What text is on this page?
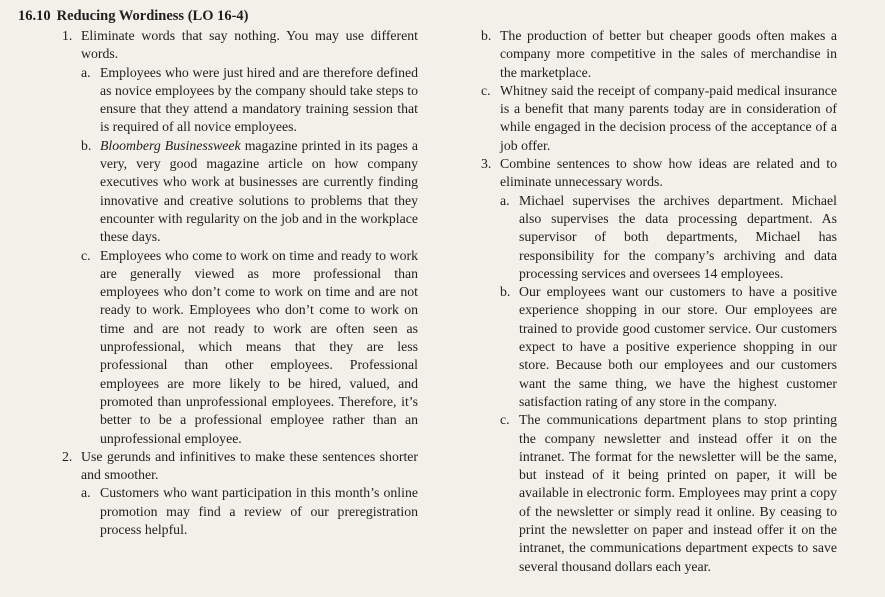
16.10 Reducing Wordiness (LO 16-4)
1. Eliminate words that say nothing. You may use different words.
a. Employees who were just hired and are therefore defined as novice employees by the company should take steps to ensure that they attend a mandatory training session that is required of all novice employees.
b. Bloomberg Businessweek magazine printed in its pages a very, very good magazine article on how company executives who work at businesses are currently finding innovative and creative solutions to problems that they encounter with regularity on the job and in the workplace these days.
c. Employees who come to work on time and ready to work are generally viewed as more professional than employees who don’t come to work on time and are not ready to work. Employees who don’t come to work on time and are not ready to work are often seen as unprofessional, which means that they are less professional than other employees. Professional employees are more likely to be hired, valued, and promoted than unprofessional employees. Therefore, it’s better to be a professional employee rather than an unprofessional employee.
2. Use gerunds and infinitives to make these sentences shorter and smoother.
a. Customers who want participation in this month’s online promotion may find a review of our preregistration process helpful.
b. The production of better but cheaper goods often makes a company more competitive in the sales of merchandise in the marketplace.
c. Whitney said the receipt of company-paid medical insurance is a benefit that many parents today are in consideration of while engaged in the decision process of the acceptance of a job offer.
3. Combine sentences to show how ideas are related and to eliminate unnecessary words.
a. Michael supervises the archives department. Michael also supervises the data processing department. As supervisor of both departments, Michael has responsibility for the company’s archiving and data processing services and oversees 14 employees.
b. Our employees want our customers to have a positive experience shopping in our store. Our employees are trained to provide good customer service. Our customers expect to have a positive experience shopping in our store. Because both our employees and our customers want the same thing, we have the highest customer satisfaction rating of any store in the company.
c. The communications department plans to stop printing the company newsletter and instead offer it on the intranet. The format for the newsletter will be the same, but instead of it being printed on paper, it will be available in electronic form. Employees may print a copy of the newsletter or simply read it online. By ceasing to print the newsletter on paper and instead offer it on the intranet, the communications department expects to save several thousand dollars each year.
